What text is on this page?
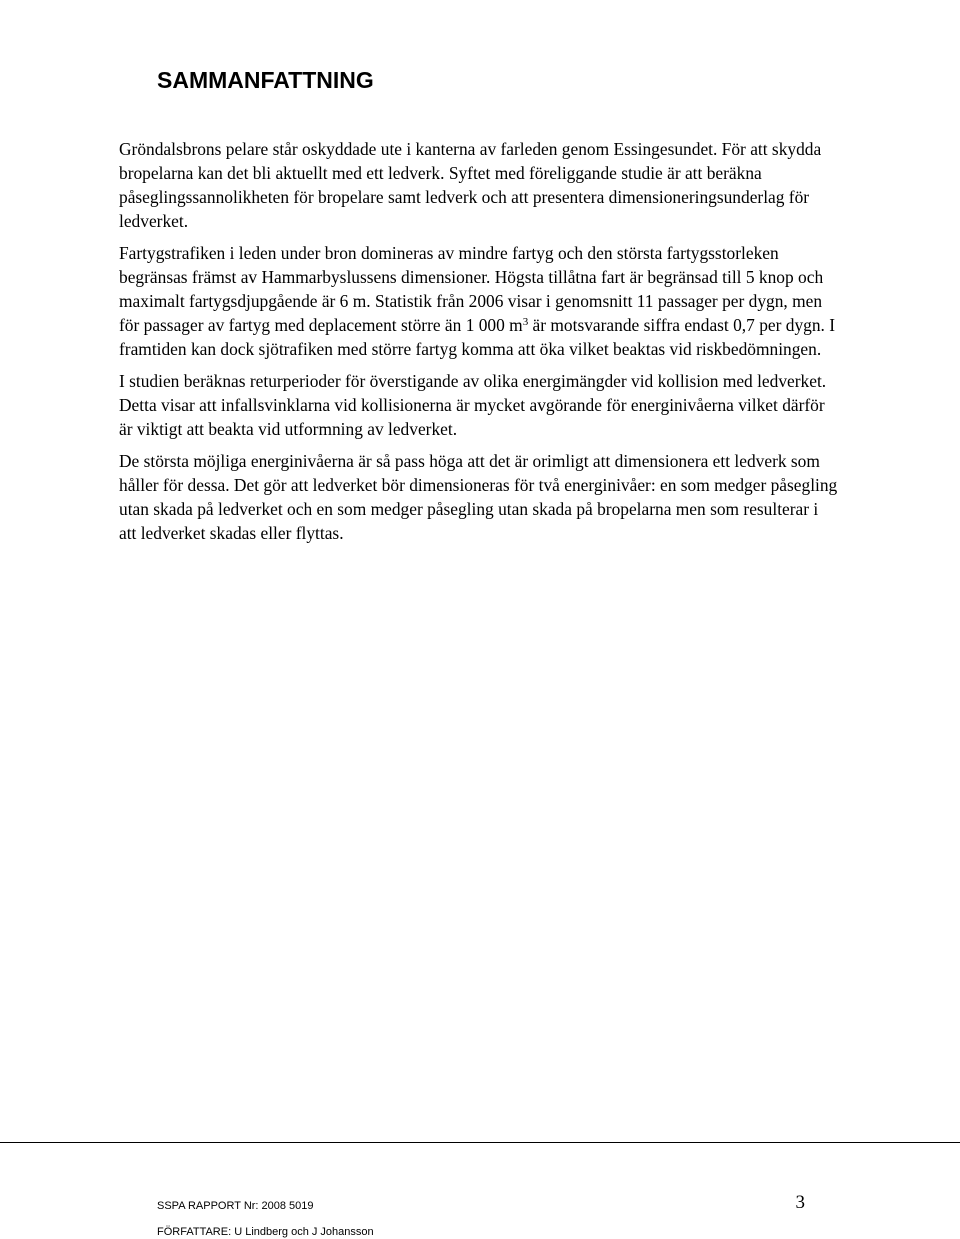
SAMMANFATTNING

Gröndalsbrons pelare står oskyddade ute i kanterna av farleden genom Essingesundet. För att skydda
bropelarna kan det bli aktuellt med ett ledverk. Syftet med föreliggande studie är att beräkna
påseglingssannolikheten för bropelare samt ledverk och att presentera dimensioneringsunderlag för
ledverket.

Fartygstrafiken i leden under bron domineras av mindre fartyg och den största fartygsstorleken
begränsas främst av Hammarbyslussens dimensioner. Högsta tillåtna fart är begränsad till 5 knop och
maximalt fartygsdjupgående är 6 m. Statistik från 2006 visar i genomsnitt 11 passager per dygn, men
för passager av fartyg med deplacement större än 1 000 $m^3$ är motsvarande siffra endast 0,7 per dygn. I
framtiden kan dock sjötrafiken med större fartyg komma att öka vilket beaktas vid riskbedömningen.

I studien beräknas returperioder för överstigande av olika energimängder vid kollision med ledverket.
Detta visar att infallsvinklarna vid kollisionerna är mycket avgörande för energinivåerna vilket därför
är viktigt att beakta vid utformning av ledverket.

De största möjliga energinivåerna är så pass höga att det är orimligt att dimensionera ett ledverk som
håller för dessa. Det gör att ledverket bör dimensioneras för två energinivåer: en som medger påsegling
utan skada på ledverket och en som medger påsegling utan skada på bropelarna men som resulterar i
att ledverket skadas eller flyttas.

SSPA RAPPORT Nr: 2008 5019	3
FÖRFATTARE: U Lindberg och J Johansson
